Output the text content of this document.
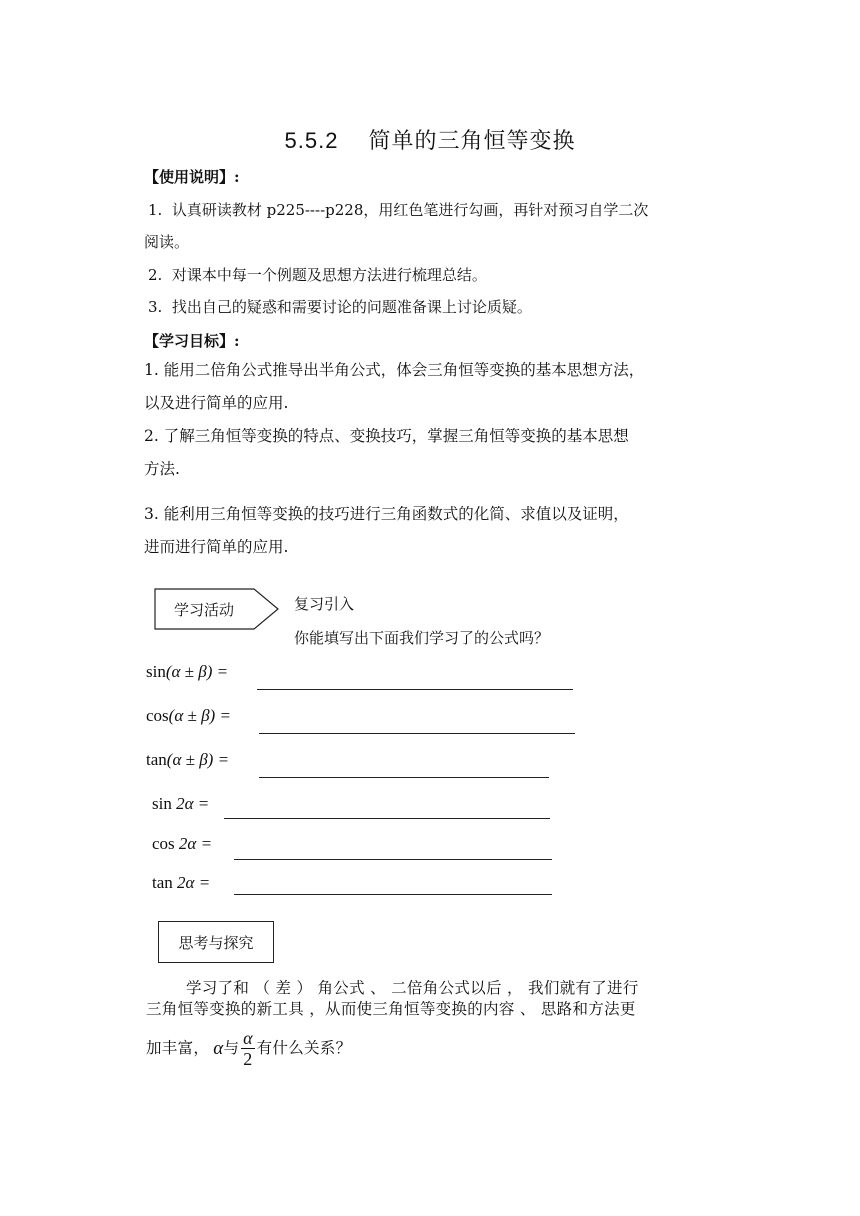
5.5.2 简单的三角恒等变换
【使用说明】:
1. 认真研读教材 p225----p228，用红色笔进行勾画，再针对预习自学二次
阅读。
2. 对课本中每一个例题及思想方法进行梳理总结。
3. 找出自己的疑惑和需要讨论的问题准备课上讨论质疑。
【学习目标】:
1. 能用二倍角公式推导出半角公式，体会三角恒等变换的基本思想方法，
以及进行简单的应用.
2. 了解三角恒等变换的特点、变换技巧，掌握三角恒等变换的基本思想
方法.
3. 能利用三角恒等变换的技巧进行三角函数式的化简、求值以及证明，
进而进行简单的应用.
学习活动	复习引入
你能填写出下面我们学习了的公式吗？
sin(α ± β) =
cos(α ± β) =
tan(α ± β) =
sin 2α =
cos 2α =
tan 2α =
思考与探究
学习了和 （ 差 ） 角公式 、 二倍角公式以后 ， 我们就有了进行
三角恒等变换的新工具 ，从而使三角恒等变换的内容 、 思路和方法更
加丰富， α 与 $\frac{\alpha}{2}$ 有什么关系？
